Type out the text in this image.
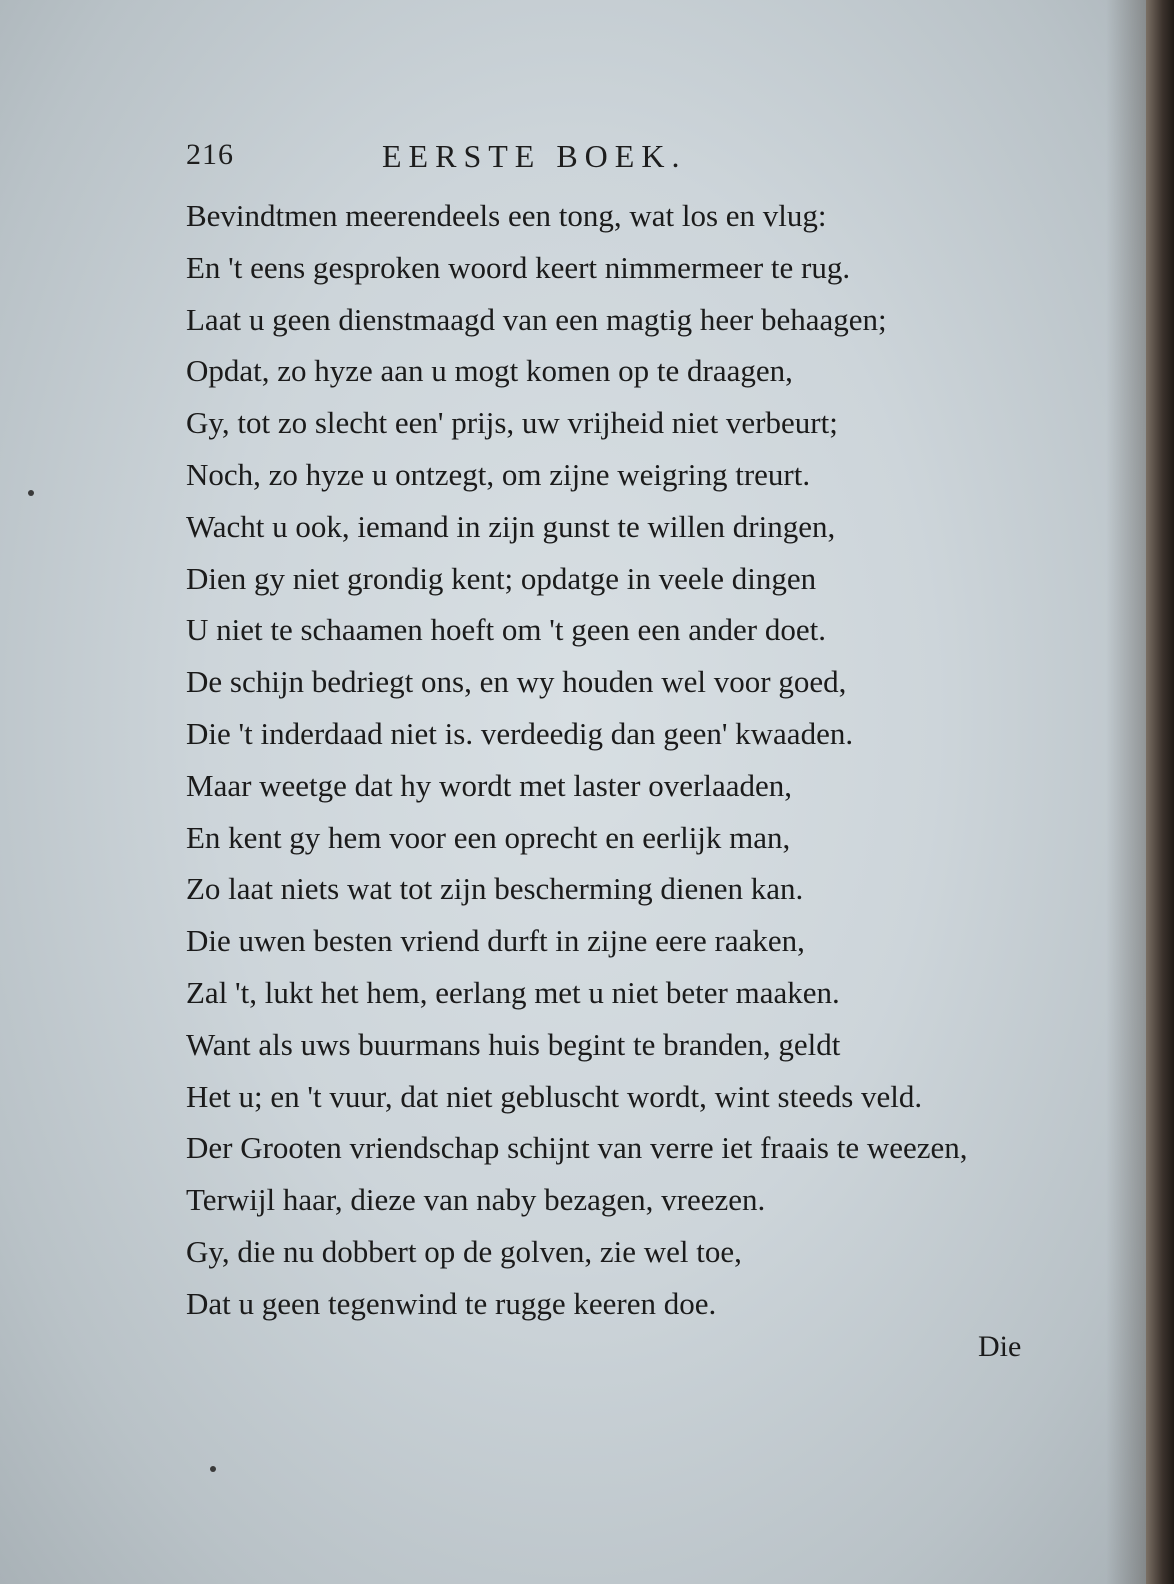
216	EERSTE BOEK.
Bevindtmen meerendeels een tong, wat los en vlug:
En 't eens gesproken woord keert nimmermeer te rug.
Laat u geen dienstmaagd van een magtig heer behaagen;
Opdat, zo hyze aan u mogt komen op te draagen,
Gy, tot zo slecht een' prijs, uw vrijheid niet verbeurt;
Noch, zo hyze u ontzegt, om zijne weigring treurt.
Wacht u ook, iemand in zijn gunst te willen dringen,
Dien gy niet grondig kent; opdatge in veele dingen
U niet te schaamen hoeft om 't geen een ander doet.
De schijn bedriegt ons, en wy houden wel voor goed,
Die 't inderdaad niet is. verdeedig dan geen' kwaaden.
Maar weetge dat hy wordt met laster overlaaden,
En kent gy hem voor een oprecht en eerlijk man,
Zo laat niets wat tot zijn bescherming dienen kan.
Die uwen besten vriend durft in zijne eere raaken,
Zal 't, lukt het hem, eerlang met u niet beter maaken.
Want als uws buurmans huis begint te branden, geldt
Het u; en 't vuur, dat niet gebluscht wordt, wint steeds veld.
Der Grooten vriendschap schijnt van verre iet fraais te weezen,
Terwijl haar, dieze van naby bezagen, vreezen.
Gy, die nu dobbert op de golven, zie wel toe,
Dat u geen tegenwind te rugge keeren doe.
Die
